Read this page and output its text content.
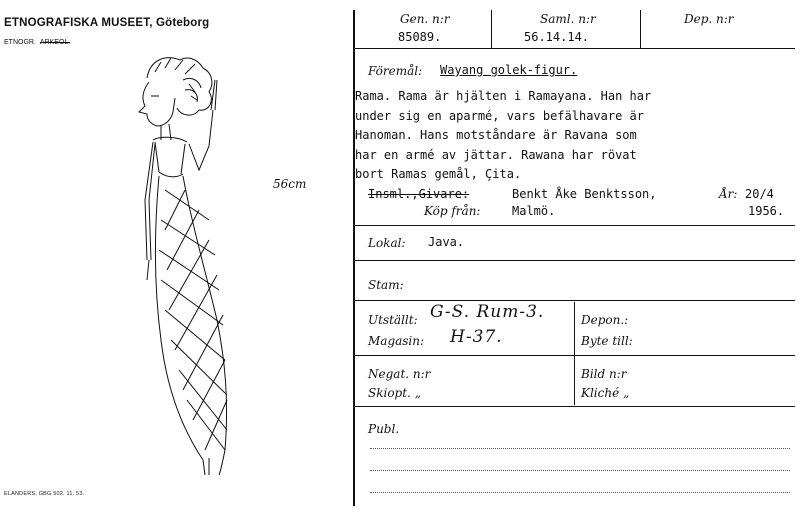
ETNOGRAFISKA MUSEET, Göteborg
ETNOGR. ARKEOL.
56cm
ELANDERS, GBG 502. 11. 53.
Gen. n:r
85089.
Saml. n:r
56.14.14.
Dep. n:r
Föremål: Wayang golek-figur.
Rama. Rama är hjälten i Ramayana. Han har
under sig en aparmé, vars befälhavare är
Hanoman. Hans motståndare är Ravana som
har en armé av jättar. Rawana har rövat
bort Ramas gemål, Çita.
Insml.,Givare:	Benkt Åke Benktsson,
Köp från:	Malmö.
År: 20/4
1956.
Lokal: Java.
Stam:
Utställt: G-S. Rum-3.
Magasin: H-37.
Depon.:
Byte till:
Negat. n:r
Skiopt. „
Bild n:r
Kliché „
Publ.
